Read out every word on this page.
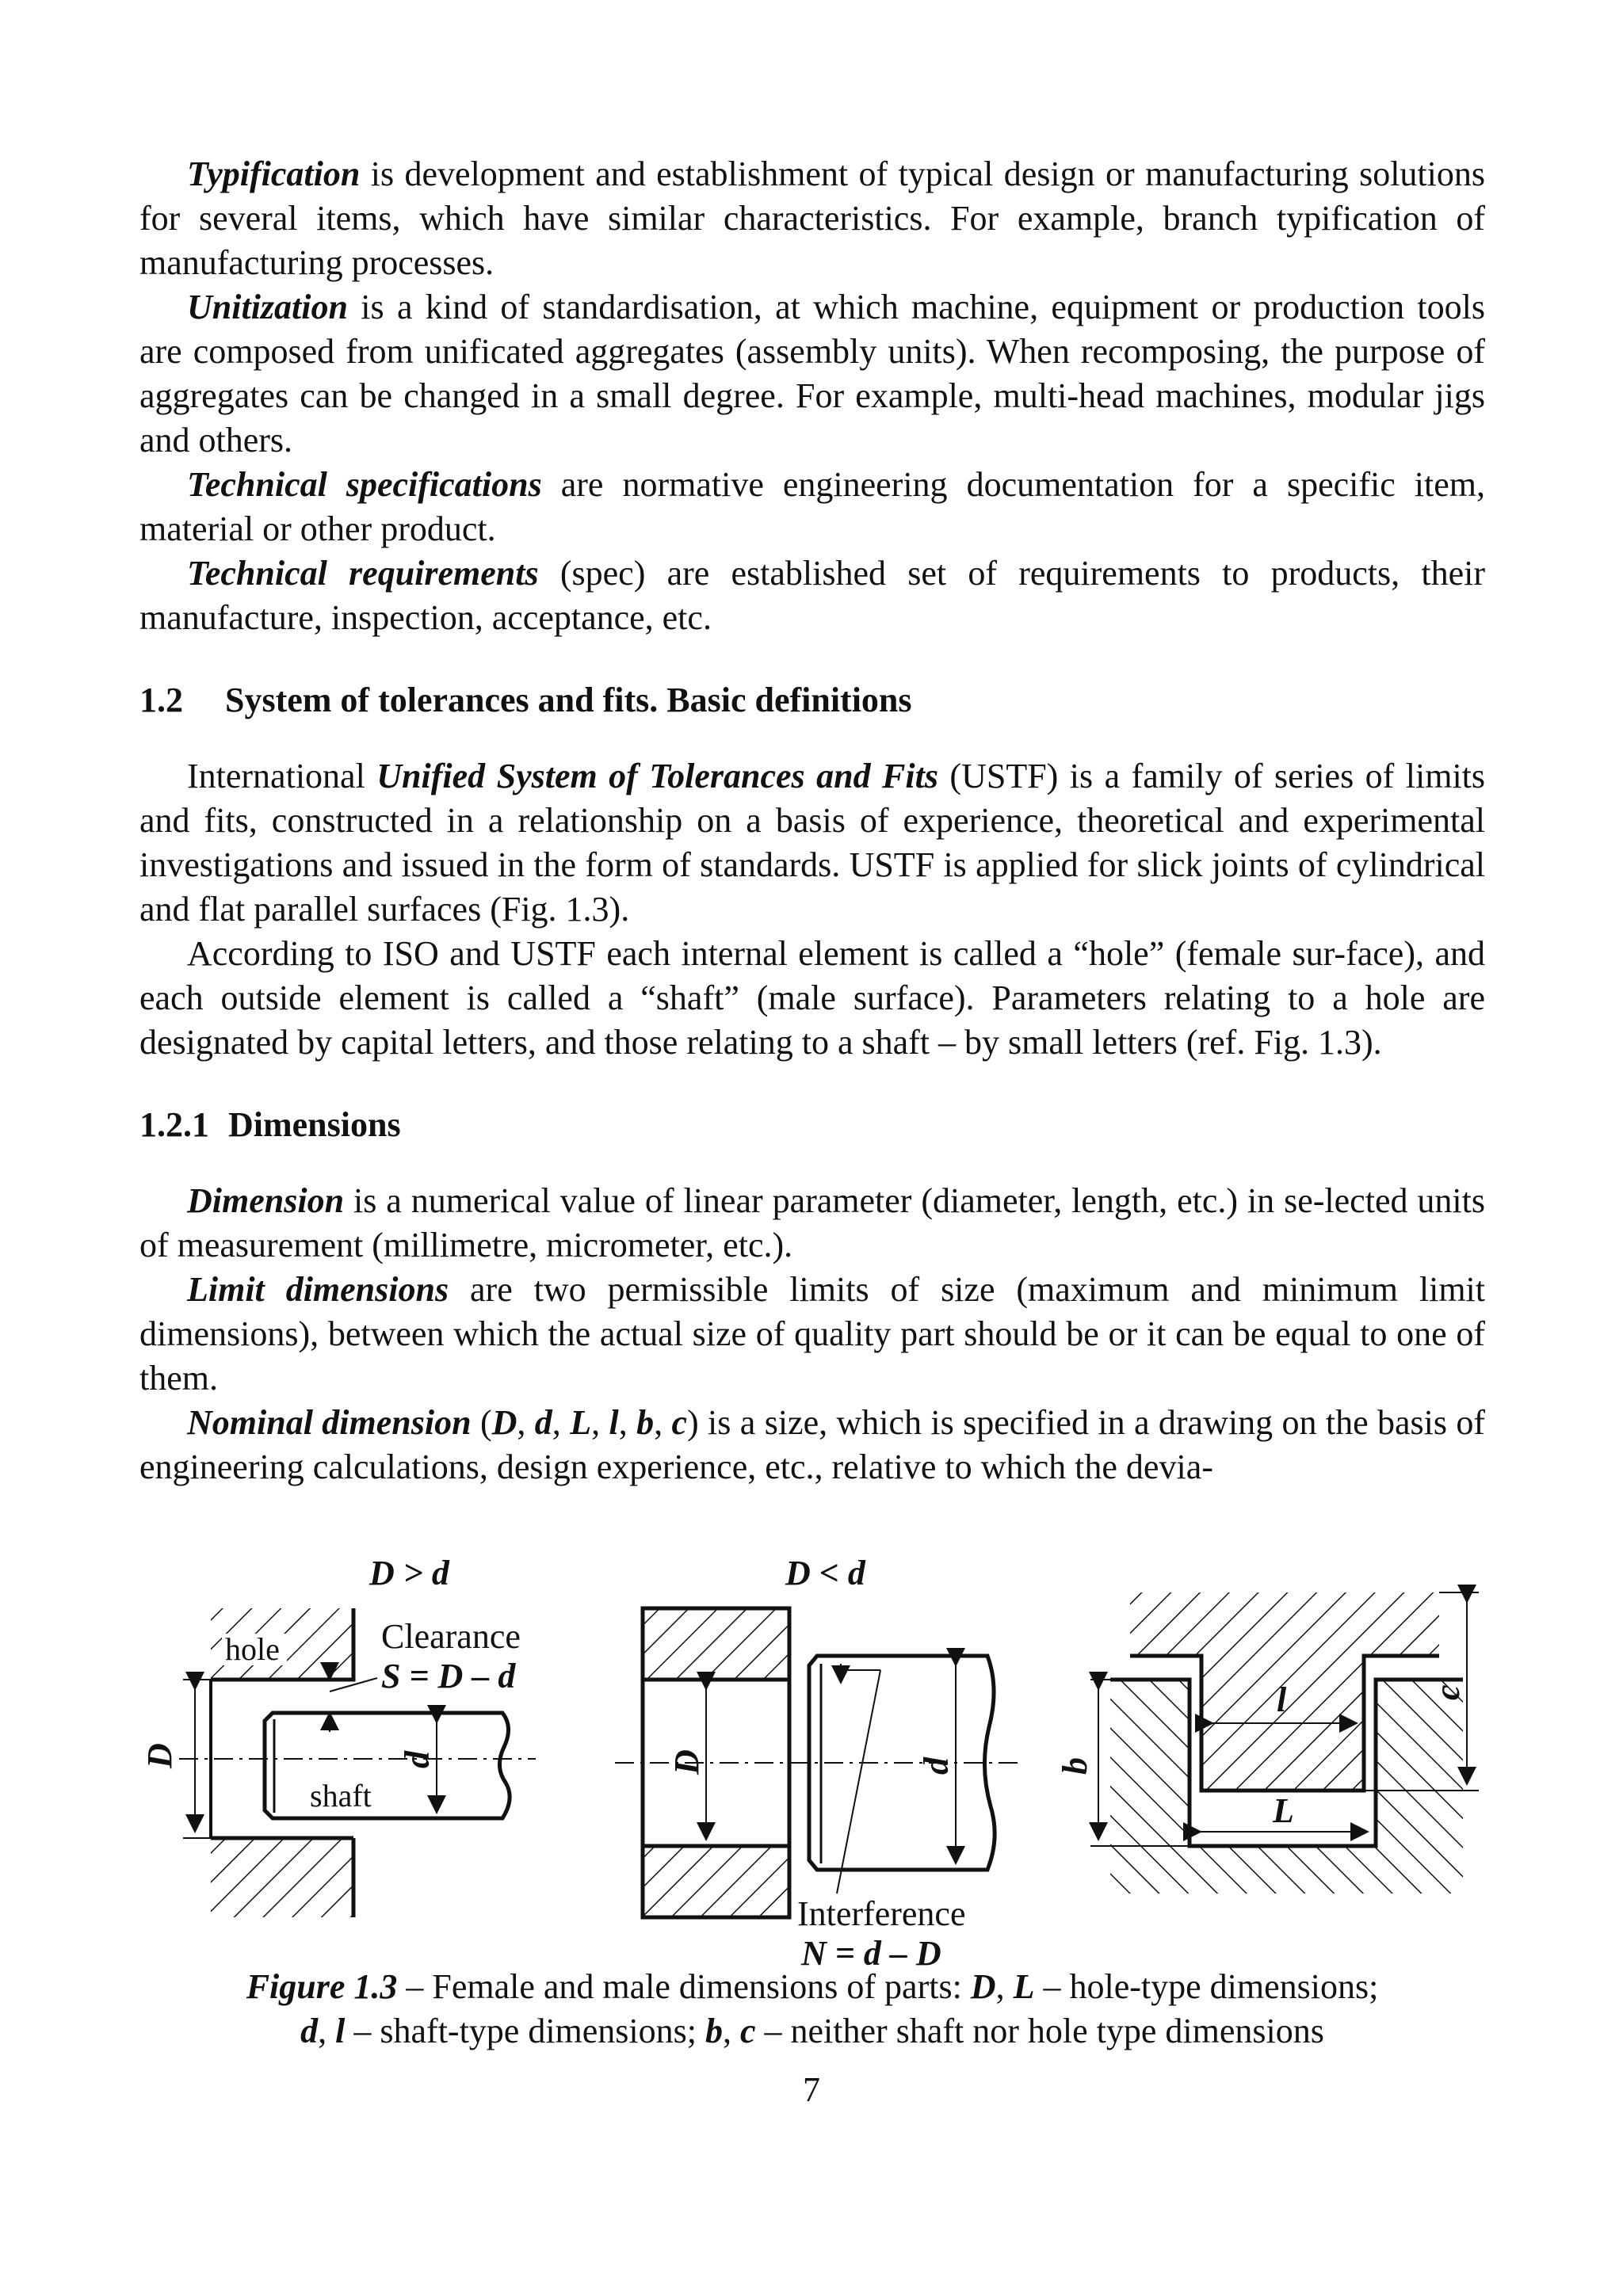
Typification is development and establishment of typical design or manufacturing solutions for several items, which have similar characteristics. For example, branch typification of manufacturing processes.

Unitization is a kind of standardisation, at which machine, equipment or production tools are composed from unificated aggregates (assembly units). When recomposing, the purpose of aggregates can be changed in a small degree. For example, multi-head machines, modular jigs and others.

Technical specifications are normative engineering documentation for a specific item, material or other product.

Technical requirements (spec) are established set of requirements to products, their manufacture, inspection, acceptance, etc.

1.2 System of tolerances and fits. Basic definitions

International Unified System of Tolerances and Fits (USTF) is a family of series of limits and fits, constructed in a relationship on a basis of experience, theoretical and experimental investigations and issued in the form of standards. USTF is applied for slick joints of cylindrical and flat parallel surfaces (Fig. 1.3).

According to ISO and USTF each internal element is called a “hole” (female sur-face), and each outside element is called a “shaft” (male surface). Parameters relating to a hole are designated by capital letters, and those relating to a shaft – by small letters (ref. Fig. 1.3).

1.2.1 Dimensions

Dimension is a numerical value of linear parameter (diameter, length, etc.) in se-lected units of measurement (millimetre, micrometer, etc.).

Limit dimensions are two permissible limits of size (maximum and minimum limit dimensions), between which the actual size of quality part should be or it can be equal to one of them.

Nominal dimension (D, d, L, l, b, c) is a size, which is specified in a drawing on the basis of engineering calculations, design experience, etc., relative to which the devia-

D > d
hole
shaft
D	d
Clearance
S = D – d
D < d
D	d
Interference
N = d – D
l
L
b
c
Figure 1.3 – Female and male dimensions of parts: D, L – hole-type dimensions;
d, l – shaft-type dimensions; b, c – neither shaft nor hole type dimensions
7
